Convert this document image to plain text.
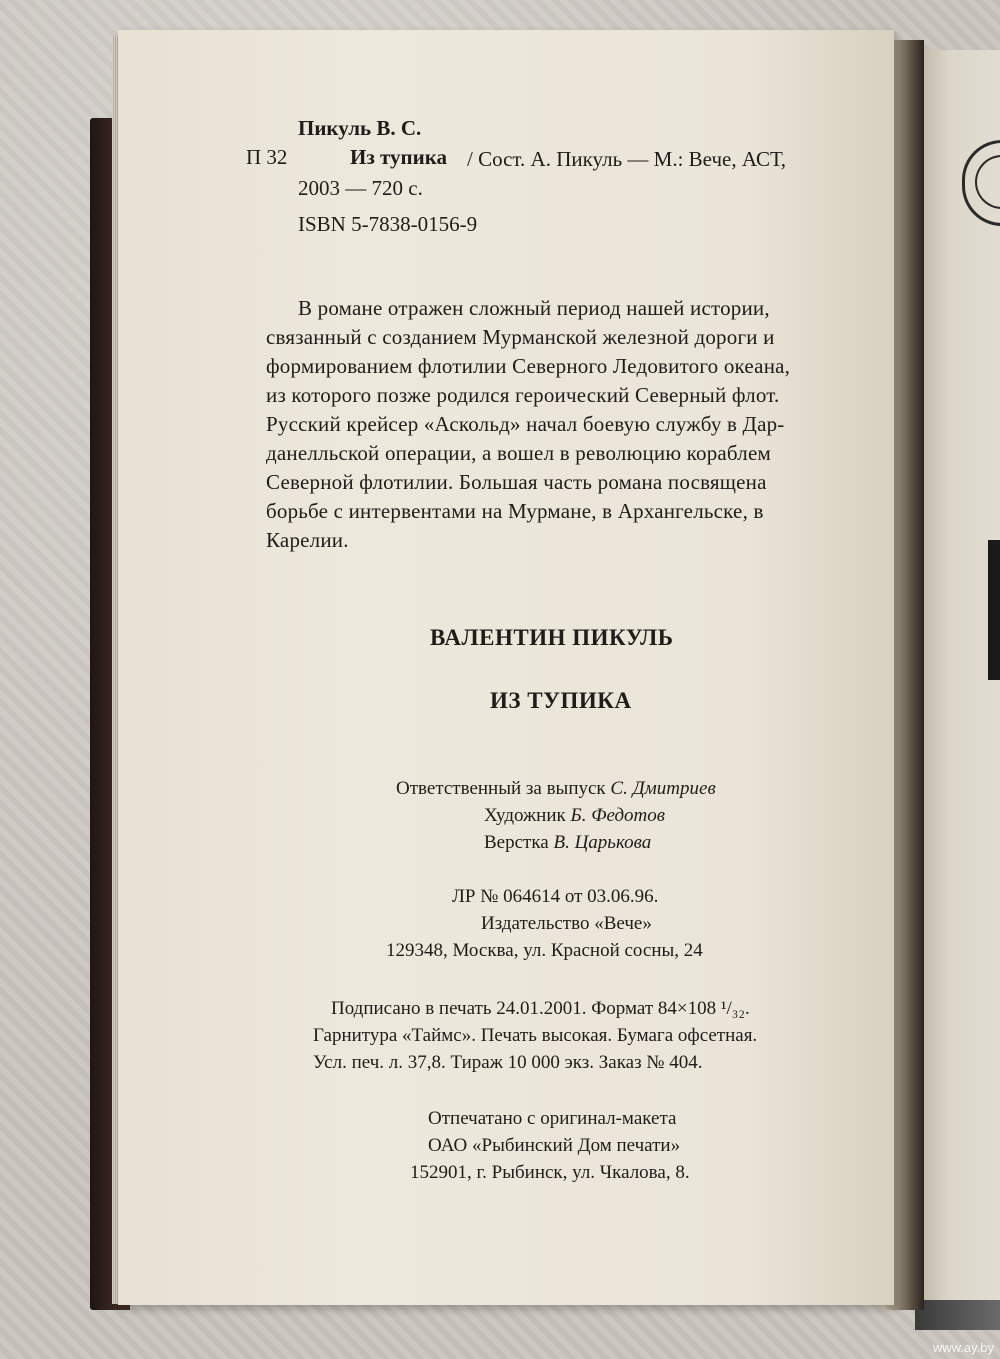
Пикуль В. С.
П 32	Из тупика / Сост. А. Пикуль — М.: Вече, АСТ,
2003 — 720 с.
ISBN 5-7838-0156-9
В романе отражен сложный период нашей истории,
связанный с созданием Мурманской железной дороги и
формированием флотилии Северного Ледовитого океана,
из которого позже родился героический Северный флот.
Русский крейсер «Аскольд» начал боевую службу в Дар-
данелльской операции, а вошел в революцию кораблем
Северной флотилии. Большая часть романа посвящена
борьбе с интервентами на Мурмане, в Архангельске, в
Карелии.
ВАЛЕНТИН ПИКУЛЬ
ИЗ ТУПИКА
Ответственный за выпуск С. Дмитриев
Художник Б. Федотов
Верстка В. Царькова
ЛР № 064614 от 03.06.96.
Издательство «Вече»
129348, Москва, ул. Красной сосны, 24
Подписано в печать 24.01.2001. Формат 84×108 ¹/₃₂.
Гарнитура «Таймс». Печать высокая. Бумага офсетная.
Усл. печ. л. 37,8. Тираж 10 000 экз. Заказ № 404.
Отпечатано с оригинал-макета
ОАО «Рыбинский Дом печати»
152901, г. Рыбинск, ул. Чкалова, 8.
www.ay.by
